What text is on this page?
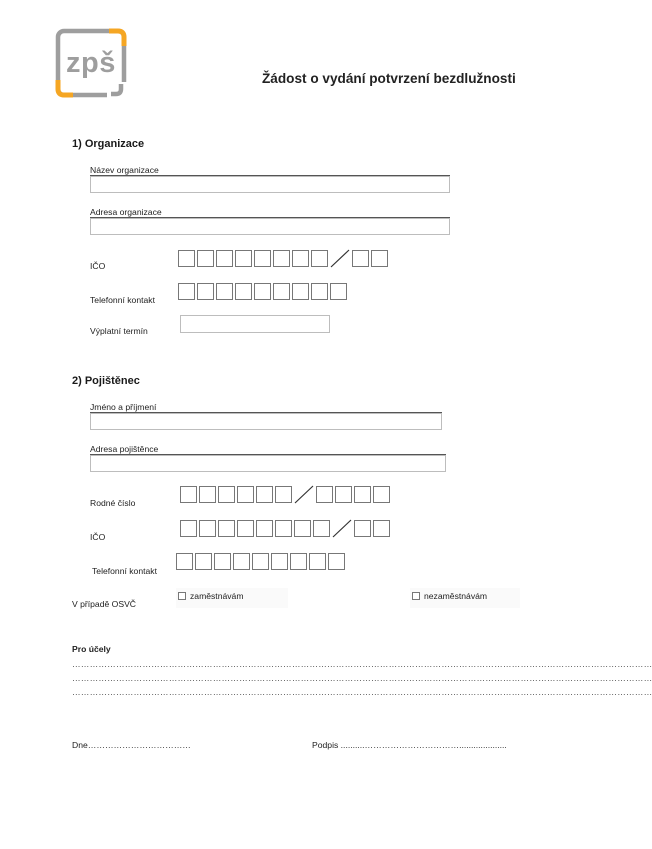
zpš	Žádost o vydání potvrzení bezdlužnosti
1) Organizace
Název organizace
Adresa organizace
IČO
Telefonní kontakt
Výplatní termín
2) Pojištěnec
Jméno a příjmení
Adresa pojištěnce
Rodné číslo
IČO
Telefonní kontakt
V případě OSVČ
zaměstnávám	nezaměstnávám
Pro účely
………………………………………………………………………………………………………………………………………………………………………………
………………………………………………………………………………………………………………………………………………………………………………
………………………………………………………………………………………………………………………………………………………………………………
Dne………………………………	Podpis ..........……………………………....................
